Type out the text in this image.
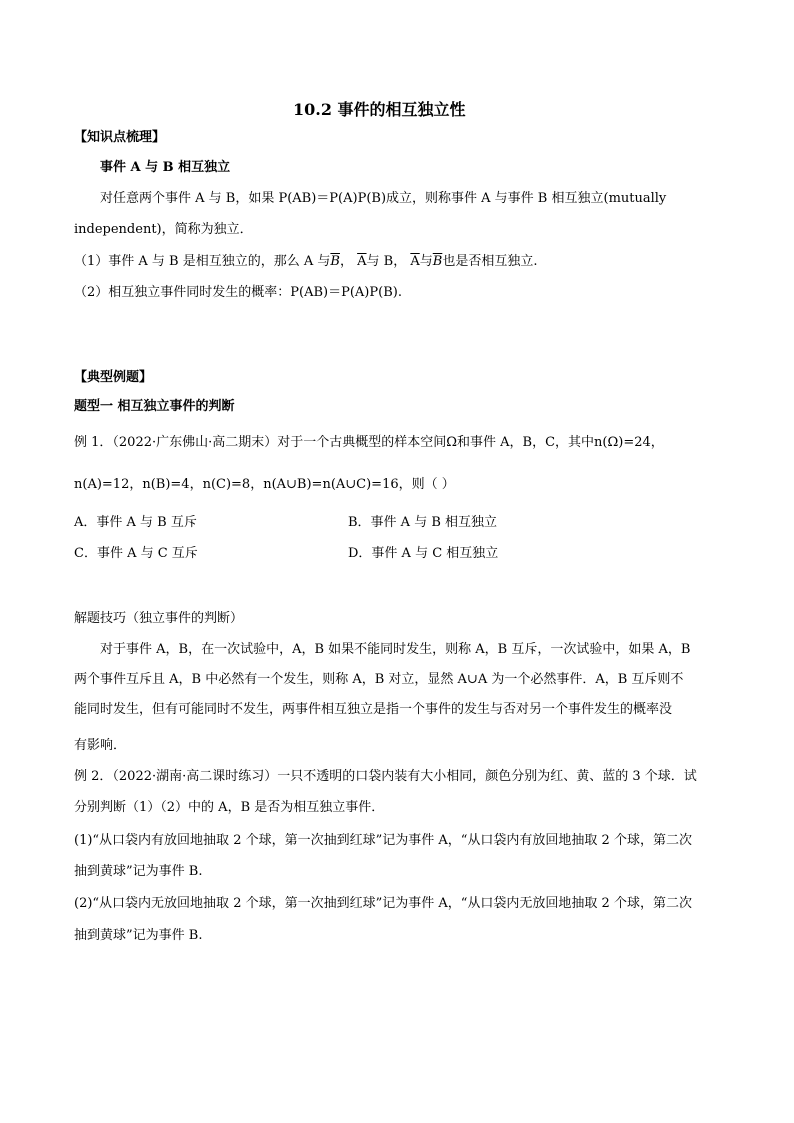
10.2 事件的相互独立性
【知识点梳理】
事件 A 与 B 相互独立
对任意两个事件 A 与 B，如果 P(AB)＝P(A)P(B)成立，则称事件 A 与事件 B 相互独立(mutually
independent)，简称为独立．
（1）事件 A 与 B 是相互独立的，那么 A 与$\overline{B}$， $\overline{A}$与 B， $\overline{A}$与$\overline{B}$也是否相互独立.
（2）相互独立事件同时发生的概率：P(AB)＝P(A)P(B).
【典型例题】
题型一 相互独立事件的判断
例 1．（2022·广东佛山·高二期末）对于一个古典概型的样本空间Ω和事件 A，B，C，其中n(Ω)=24，
n(A)=12，n(B)=4，n(C)=8，n(A∪B)=n(A∪C)=16，则（ ）
A．事件 A 与 B 互斥	B．事件 A 与 B 相互独立
C．事件 A 与 C 互斥	D．事件 A 与 C 相互独立
解题技巧（独立事件的判断）
对于事件 A，B，在一次试验中，A，B 如果不能同时发生，则称 A，B 互斥，一次试验中，如果 A，B
两个事件互斥且 A，B 中必然有一个发生，则称 A，B 对立，显然 A∪A 为一个必然事件．A，B 互斥则不
能同时发生，但有可能同时不发生，两事件相互独立是指一个事件的发生与否对另一个事件发生的概率没
有影响．
例 2．（2022·湖南·高二课时练习）一只不透明的口袋内装有大小相同，颜色分别为红、黄、蓝的 3 个球．试
分别判断（1）（2）中的 A，B 是否为相互独立事件．
(1)“从口袋内有放回地抽取 2 个球，第一次抽到红球”记为事件 A，“从口袋内有放回地抽取 2 个球，第二次
抽到黄球”记为事件 B.
(2)“从口袋内无放回地抽取 2 个球，第一次抽到红球”记为事件 A，“从口袋内无放回地抽取 2 个球，第二次
抽到黄球”记为事件 B.
